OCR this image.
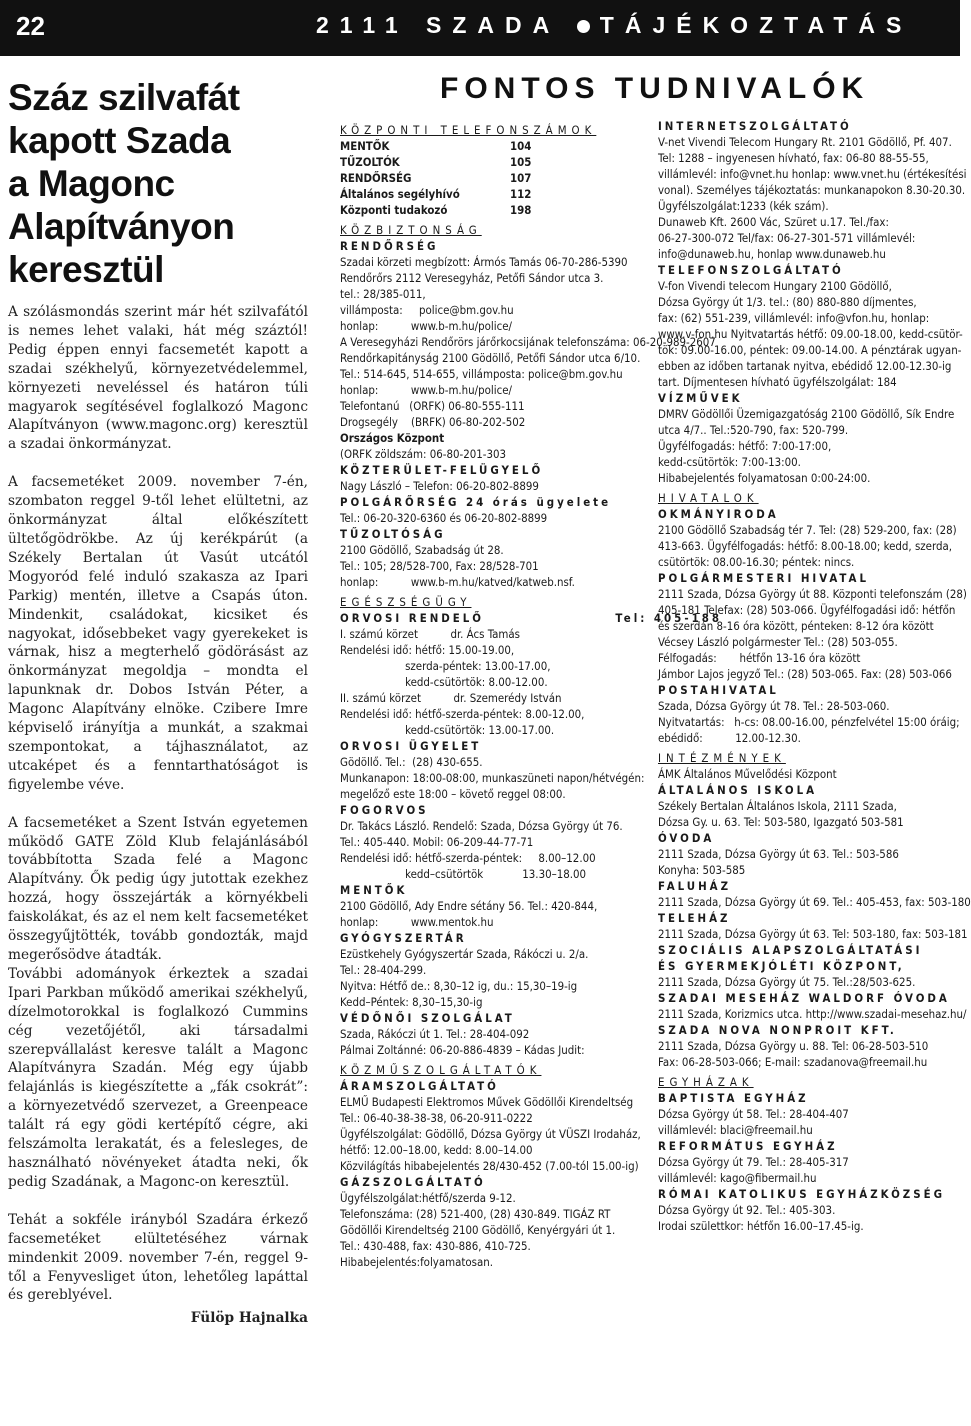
22	2111 SZADA TÁJÉKOZTATÁS
Száz szilvafát
kapott Szada
a Magonc
Alapítványon
keresztül

A szólásmondás szerint már hét szilvafától is nemes lehet valaki, hát még száztól! Pedig éppen ennyi facsemetét kapott a szadai székhelyű, környezetvédelemmel, környezeti neveléssel és határon túli magyarok segítésével foglalkozó Magonc Alapítványon (www.magonc.org) keresztül a szadai önkormányzat.

A facsemetéket 2009. november 7-én, szombaton reggel 9-től lehet elültetni, az önkormányzat által előkészített ültetőgödrökbe. Az új kerékpárút (a Székely Bertalan út Vasút utcától Mogyoród felé induló szakasza az Ipari Parkig) mentén, illetve a Csapás úton. Mindenkit, családokat, kicsiket és nagyokat, idősebbeket vagy gyerekeket is várnak, hisz a megterhelő gödörásást az önkormányzat megoldja – mondta el lapunknak dr. Dobos István Péter, a Magonc Alapítvány elnöke. Czibere Imre képviselő irányítja a munkát, a szakmai szempontokat, a tájhasználatot, az utcaképet és a fenntarthatóságot is figyelembe véve.

A facsemetéket a Szent István egyetemen működő GATE Zöld Klub felajánlásából továbbította Szada felé a Magonc Alapítvány. Ők pedig úgy jutottak ezekhez hozzá, hogy összejárták a környékbeli faiskolákat, és az el nem kelt facsemetéket összegyűjtötték, tovább gondozták, majd megerősödve átadták.

További adományok érkeztek a szadai Ipari Parkban működő amerikai székhelyű, dízelmotorokkal is foglalkozó Cummins cég vezetőjétől, aki társadalmi szerepvállalást keresve talált a Magonc Alapítványra Szadán. Még egy újabb felajánlás is kiegészítette a „fák csokrát”: a környezetvédő szervezet, a Greenpeace talált rá egy gödi kertépítő cégre, aki felszámolta lerakatát, és a felesleges, de használható növényeket átadta neki, ők pedig Szadának, a Magonc-on keresztül.

Tehát a sokféle irányból Szadára érkező facsemetéket elültetéséhez várnak mindenkit 2009. november 7-én, reggel 9-től a Fenyvesliget úton, lehetőleg lapáttal és gereblyével.

Fülöp Hajnalka
FONTOS TUDNIVALÓK
KÖZPONTI TELEFONSZÁMOK
MENTŐK	104
TŰZOLTÓK	105
RENDŐRSÉG	107
Általános segélyhívó	112
Központi tudakozó	198
KÖZBIZTONSÁG
RENDŐRSÉG
Szadai körzeti megbízott: Ármós Tamás 06-70-286-5390
Rendőrőrs 2112 Veresegyház, Petőfi Sándor utca 3.
tel.: 28/385-011,
villámposta:     police@bm.gov.hu
honlap:          www.b-m.hu/police/
A Veresegyházi Rendőrörs járőrkocsijának telefonszáma: 06-20-989-2607
Rendőrkapitányság 2100 Gödöllő, Petőfi Sándor utca 6/10.
Tel.: 514-645, 514-655, villámposta: police@bm.gov.hu
honlap:          www.b-m.hu/police/
Telefontanú   (ORFK) 06-80-555-111
Drogsegély    (BRFK) 06-80-202-502
Országos Központ
(ORFK zöldszám: 06-80-201-303
KÖZTERÜLET-FELÜGYELŐ
Nagy László – Telefon: 06-20-802-8899
POLGÁRŐRSÉG 24 órás ügyelete
Tel.: 06-20-320-6360 és 06-20-802-8899
TŰZOLTÓSÁG
2100 Gödöllő, Szabadság út 28.
Tel.: 105; 28/528-700, Fax: 28/528-701
honlap:          www.b-m.hu/katved/katweb.nsf.
EGÉSZSÉGÜGY
ORVOSI RENDELŐ                    Tel: 405-188
I. számú körzet          dr. Ács Tamás
Rendelési idő: hétfő: 15.00-19.00,
szerda-péntek: 13.00-17.00,
kedd-csütörtök: 8.00-12.00.
II. számú körzet          dr. Szemerédy István
Rendelési idő: hétfő-szerda-péntek: 8.00-12.00,
kedd-csütörtök: 13.00-17.00.
ORVOSI ÜGYELET
Gödöllő. Tel.:  (28) 430-655.
Munkanapon: 18:00-08:00, munkaszüneti napon/hétvégén:
megelőző este 18:00 – követő reggel 08:00.
FOGORVOS
Dr. Takács László. Rendelő: Szada, Dózsa György út 76.
Tel.: 405-440. Mobil: 06-209-44-77-71
Rendelési idő: hétfő-szerda-péntek:     8.00–12.00
kedd–csütörtök            13.30–18.00
MENTŐK
2100 Gödöllő, Ady Endre sétány 56. Tel.: 420-844,
honlap:          www.mentok.hu
GYÓGYSZERTÁR
Ezüstkehely Gyógyszertár Szada, Rákóczi u. 2/a.
Tel.: 28-404-299.
Nyitva: Hétfő de.: 8,30–12 ig, du.: 15,30–19-ig
Kedd–Péntek: 8,30–15,30-ig
VÉDŐNŐI SZOLGÁLAT
Szada, Rákóczi út 1. Tel.: 28-404-092
Pálmai Zoltánné: 06-20-886-4839 – Kádas Judit:
KÖZMŰSZOLGÁLTATÓK
ÁRAMSZOLGÁLTATÓ
ELMŰ Budapesti Elektromos Művek Gödöllői Kirendeltség
Tel.: 06-40-38-38-38, 06-20-911-0222
Ügyfélszolgálat: Gödöllő, Dózsa György út VÜSZI Irodaház,
hétfő: 12.00–18.00, kedd: 8.00–14.00
Közvilágítás hibabejelentés 28/430-452 (7.00-tól 15.00-ig)
GÁZSZOLGÁLTATÓ
Ügyfélszolgálat:hétfő/szerda 9-12.
Telefonszáma: (28) 521-400, (28) 430-849. TIGÁZ RT
Gödöllői Kirendeltség 2100 Gödöllő, Kenyérgyári út 1.
Tel.: 430-488, fax: 430-886, 410-725.
Hibabejelentés:folyamatosan.
INTERNETSZOLGÁLTATÓ
V-net Vivendi Telecom Hungary Rt. 2101 Gödöllő, Pf. 407.
Tel: 1288 – ingyenesen hívható, fax: 06-80 88-55-55,
villámlevél: info@vnet.hu honlap: www.vnet.hu (értékesítési
vonal). Személyes tájékoztatás: munkanapokon 8.30-20.30.
Ügyfélszolgálat:1233 (kék szám).
Dunaweb Kft. 2600 Vác, Szüret u.17. Tel./fax:
06-27-300-072 Tel/fax: 06-27-301-571 villámlevél:
info@dunaweb.hu, honlap www.dunaweb.hu
TELEFONSZOLGÁLTATÓ
V-fon Vivendi telecom Hungary 2100 Gödöllő,
Dózsa György út 1/3. tel.: (80) 880-880 díjmentes,
fax: (62) 551-239, villámlevél: info@vfon.hu, honlap:
www.v-fon.hu Nyitvatartás hétfő: 09.00-18.00, kedd-csütör-
tök: 09.00-16.00, péntek: 09.00-14.00. A pénztárak ugyan-
ebben az időben tartanak nyitva, ebédidő 12.00-12.30-ig
tart. Díjmentesen hívható ügyfélszolgálat: 184
VÍZMŰVEK
DMRV Gödöllői Üzemigazgatóság 2100 Gödöllő, Sík Endre
utca 4/7.. Tel.:520-790, fax: 520-799.
Ügyfélfogadás: hétfő: 7:00-17:00,
kedd-csütörtök: 7:00-13:00.
Hibabejelentés folyamatosan 0:00-24:00.
HIVATALOK
OKMÁNYIRODA
2100 Gödöllő Szabadság tér 7. Tel: (28) 529-200, fax: (28)
413-663. Ügyfélfogadás: hétfő: 8.00-18.00; kedd, szerda,
csütörtök: 08.00-16.30; péntek: nincs.
POLGÁRMESTERI HIVATAL
2111 Szada, Dózsa György út 88. Központi telefonszám (28)
405-181 Telefax: (28) 503-066. Ügyfélfogadási idő: hétfőn
és szerdán 8-16 óra között, pénteken: 8-12 óra között
Vécsey László polgármester Tel.: (28) 503-055.
Félfogadás:       hétfőn 13-16 óra között
Jámbor Lajos jegyző Tel.: (28) 503-065. Fax: (28) 503-066
POSTAHIVATAL
Szada, Dózsa György út 78. Tel.: 28-503-060.
Nyitvatartás:   h-cs: 08.00-16.00, pénzfelvétel 15:00 óráig;
ebédidő:          12.00-12.30.
INTÉZMÉNYEK
ÁMK Általános Művelődési Központ
ÁLTALÁNOS ISKOLA
Székely Bertalan Általános Iskola, 2111 Szada,
Dózsa Gy. u. 63. Tel: 503-580, Igazgató 503-581
ÓVODA
2111 Szada, Dózsa György út 63. Tel.: 503-586
Konyha: 503-585
FALUHÁZ
2111 Szada, Dózsa György út 69. Tel.: 405-453, fax: 503-180
TELEHÁZ
2111 Szada, Dózsa György út 63. Tel: 503-180, fax: 503-181
SZOCIÁLIS ALAPSZOLGÁLTATÁSI
ÉS GYERMEKJÓLÉTI KÖZPONT,
2111 Szada, Dózsa György út 75. Tel.:28/503-625.
SZADAI MESEHÁZ WALDORF ÓVODA
2111 Szada, Korizmics utca. http://www.szadai-mesehaz.hu/
SZADA NOVA NONPROIT KFT.
2111 Szada, Dózsa György u. 88. Tel: 06-28-503-510
Fax: 06-28-503-066; E-mail: szadanova@freemail.hu
EGYHÁZAK
BAPTISTA EGYHÁZ
Dózsa György út 58. Tel.: 28-404-407
villámlevél: blaci@freemail.hu
REFORMÁTUS EGYHÁZ
Dózsa György út 79. Tel.: 28-405-317
villámlevél: kago@fibermail.hu
RÓMAI KATOLIKUS EGYHÁZKÖZSÉG
Dózsa György út 92. Tel.: 405-303.
Irodai születtkor: hétfőn 16.00–17.45-ig.
